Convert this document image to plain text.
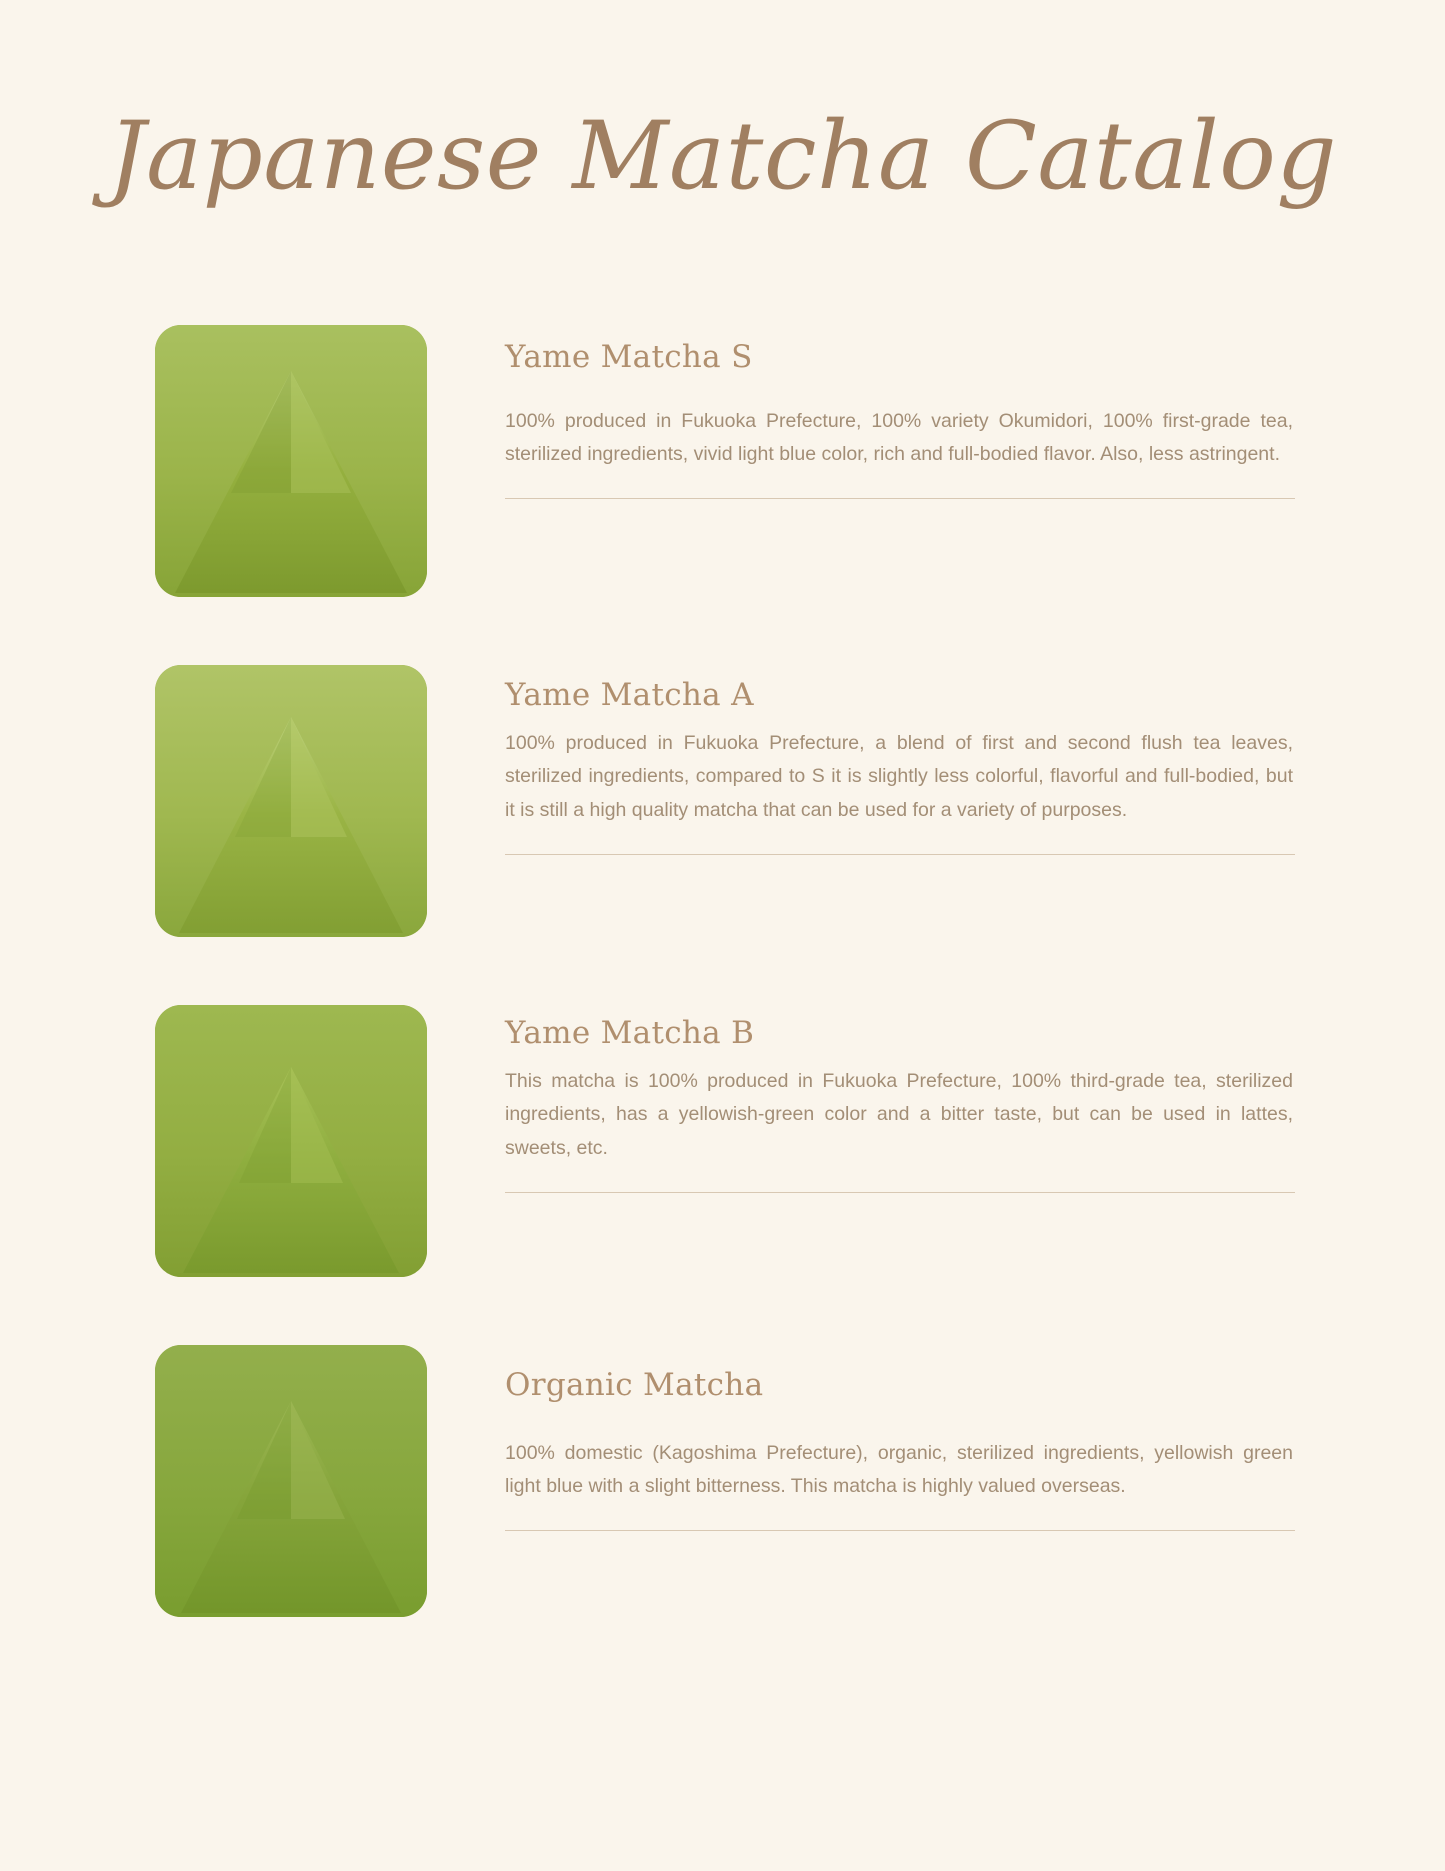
Japanese Matcha Catalog
Yame Matcha S

100% produced in Fukuoka Prefecture, 100% variety Okumidori, 100% first-grade tea, sterilized ingredients, vivid light blue color, rich and full-bodied flavor. Also, less astringent.

Yame Matcha A

100% produced in Fukuoka Prefecture, a blend of first and second flush tea leaves, sterilized ingredients, compared to S it is slightly less colorful, flavorful and full-bodied, but it is still a high quality matcha that can be used for a variety of purposes.

Yame Matcha B

This matcha is 100% produced in Fukuoka Prefecture, 100% third-grade tea, sterilized ingredients, has a yellowish-green color and a bitter taste, but can be used in lattes, sweets, etc.

Organic Matcha

100% domestic (Kagoshima Prefecture), organic, sterilized ingredients, yellowish green light blue with a slight bitterness. This matcha is highly valued overseas.
